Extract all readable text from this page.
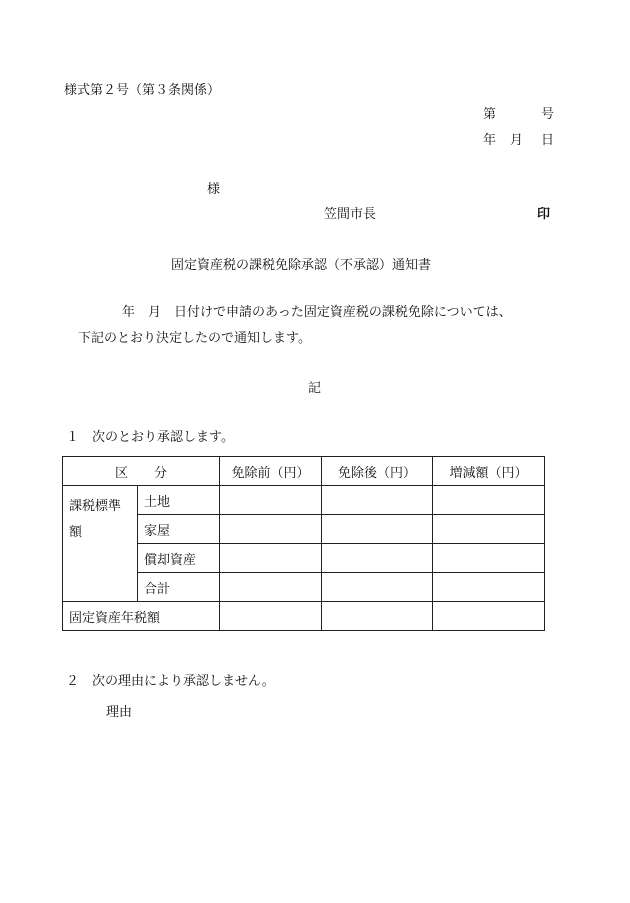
様式第２号（第３条関係）
第	号
年 月 日
様
笠間市長	印
固定資産税の課税免除承認（不承認）通知書
年　月　日付けで申請のあった固定資産税の課税免除については、
下記のとおり決定したので通知します。
記
１　次のとおり承認します。
区　　分		免除前（円）	免除後（円）	増減額（円）
課税標準
額	土地			
	家屋			
	償却資産			
	合計			
固定資産年税額				
２　次の理由により承認しません。
理由
